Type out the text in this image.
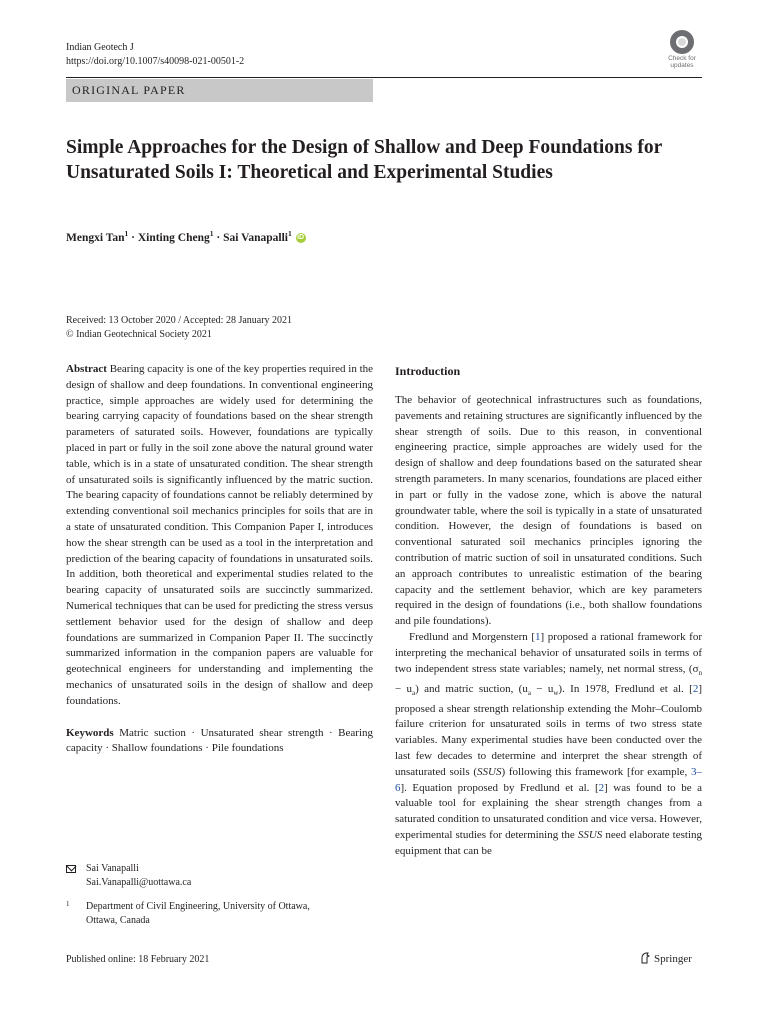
Indian Geotech J
https://doi.org/10.1007/s40098-021-00501-2	Check for updates
ORIGINAL PAPER
Simple Approaches for the Design of Shallow and Deep Foundations for Unsaturated Soils I: Theoretical and Experimental Studies
Mengxi Tan$^1$ · Xinting Cheng$^1$ · Sai Vanapalli$^1$ iD
Received: 13 October 2020 / Accepted: 28 January 2021
© Indian Geotechnical Society 2021

Abstract Bearing capacity is one of the key properties required in the design of shallow and deep foundations. In conventional engineering practice, simple approaches are widely used for determining the bearing carrying capacity of foundations based on the shear strength parameters of saturated soils. However, foundations are typically placed in part or fully in the soil zone above the natural ground water table, which is in a state of unsaturated condition. The shear strength of unsaturated soils is significantly influenced by the matric suction. The bearing capacity of foundations cannot be reliably determined by extending conventional soil mechanics principles for soils that are in a state of unsaturated condition. This Companion Paper I, introduces how the shear strength can be used as a tool in the interpretation and prediction of the bearing capacity of foundations in unsaturated soils. In addition, both theoretical and experimental studies related to the bearing capacity of unsaturated soils are succinctly summarized. Numerical techniques that can be used for predicting the stress versus settlement behavior used for the design of shallow and deep foundations are summarized in Companion Paper II. The succinctly summarized information in the companion papers are valuable for geotechnical engineers for understanding and implementing the mechanics of unsaturated soils in the design of shallow and deep foundations.

Keywords Matric suction · Unsaturated shear strength · Bearing capacity · Shallow foundations · Pile foundations

Sai Vanapalli
Sai.Vanapalli@uottawa.ca
1 Department of Civil Engineering, University of Ottawa,
Ottawa, Canada
Introduction

The behavior of geotechnical infrastructures such as foundations, pavements and retaining structures are significantly influenced by the shear strength of soils. Due to this reason, in conventional engineering practice, simple approaches are widely used for the design of shallow and deep foundations based on the saturated shear strength parameters. In many scenarios, foundations are placed either in part or fully in the vadose zone, which is above the natural groundwater table, where the soil is typically in a state of unsaturated condition. However, the design of foundations is based on conventional saturated soil mechanics principles ignoring the contribution of matric suction of soil in unsaturated conditions. Such an approach contributes to unrealistic estimation of the bearing capacity and the settlement behavior, which are key parameters required in the design of foundations (i.e., both shallow foundations and pile foundations).

Fredlund and Morgenstern [1] proposed a rational framework for interpreting the mechanical behavior of unsaturated soils in terms of two independent stress state variables; namely, net normal stress, $(\sigma_n - u_a)$ and matric suction, $(u_a - u_w)$. In 1978, Fredlund et al. [2] proposed a shear strength relationship extending the Mohr–Coulomb failure criterion for unsaturated soils in terms of two stress state variables. Many experimental studies have been conducted over the last few decades to determine and interpret the shear strength of unsaturated soils (SSUS) following this framework [for example, 3–6]. Equation proposed by Fredlund et al. [2] was found to be a valuable tool for explaining the shear strength changes from a saturated condition to unsaturated condition and vice versa. However, experimental studies for determining the SSUS need elaborate testing equipment that can be

Published online: 18 February 2021	Springer
